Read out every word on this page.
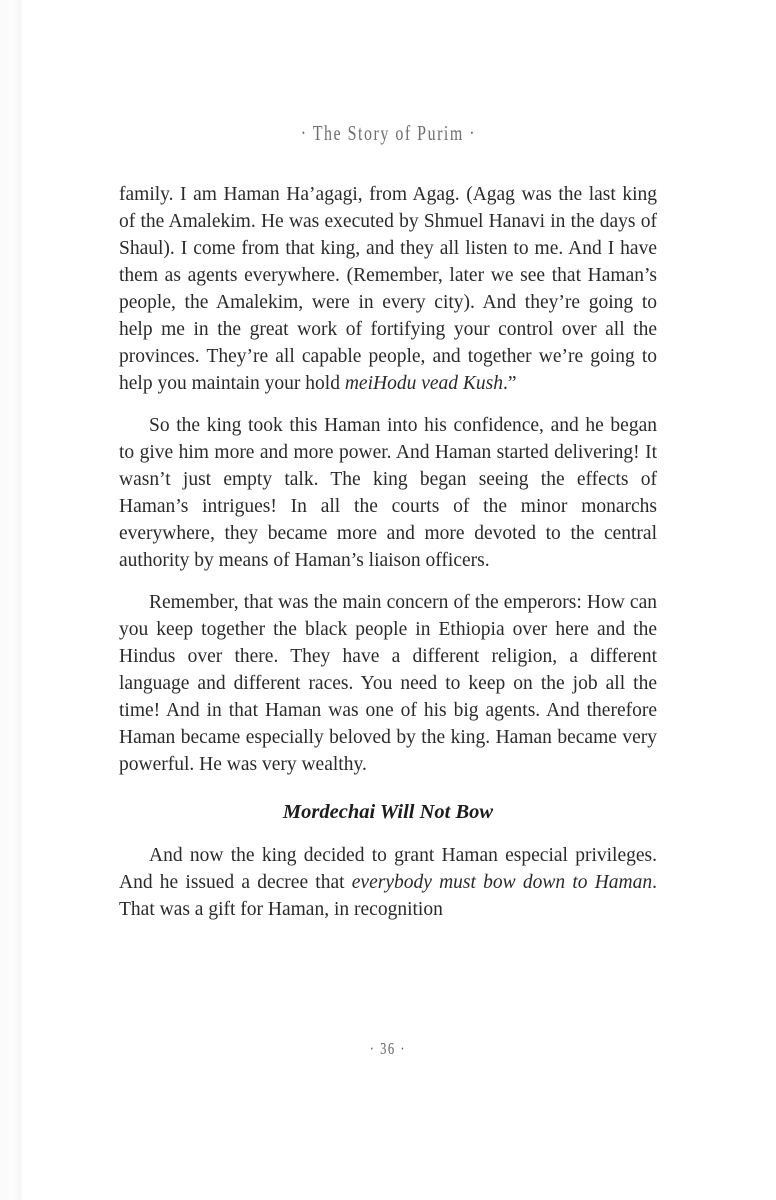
· The Story of Purim ·

family. I am Haman Ha’agagi, from Agag. (Agag was the last king of the Amalekim. He was executed by Shmuel Hanavi in the days of Shaul). I come from that king, and they all listen to me. And I have them as agents everywhere. (Remember, later we see that Haman’s people, the Amalekim, were in every city). And they’re going to help me in the great work of fortifying your control over all the provinces. They’re all capable people, and together we’re going to help you maintain your hold meiHodu vead Kush.”

So the king took this Haman into his confidence, and he began to give him more and more power. And Haman started delivering! It wasn’t just empty talk. The king began seeing the effects of Haman’s intrigues! In all the courts of the minor monarchs everywhere, they became more and more devoted to the central authority by means of Haman’s liaison officers.

Remember, that was the main concern of the emperors: How can you keep together the black people in Ethiopia over here and the Hindus over there. They have a different religion, a different language and different races. You need to keep on the job all the time! And in that Haman was one of his big agents. And therefore Haman became especially beloved by the king. Haman became very powerful. He was very wealthy.

Mordechai Will Not Bow

And now the king decided to grant Haman especial privileges. And he issued a decree that everybody must bow down to Haman. That was a gift for Haman, in recognition

· 36 ·
